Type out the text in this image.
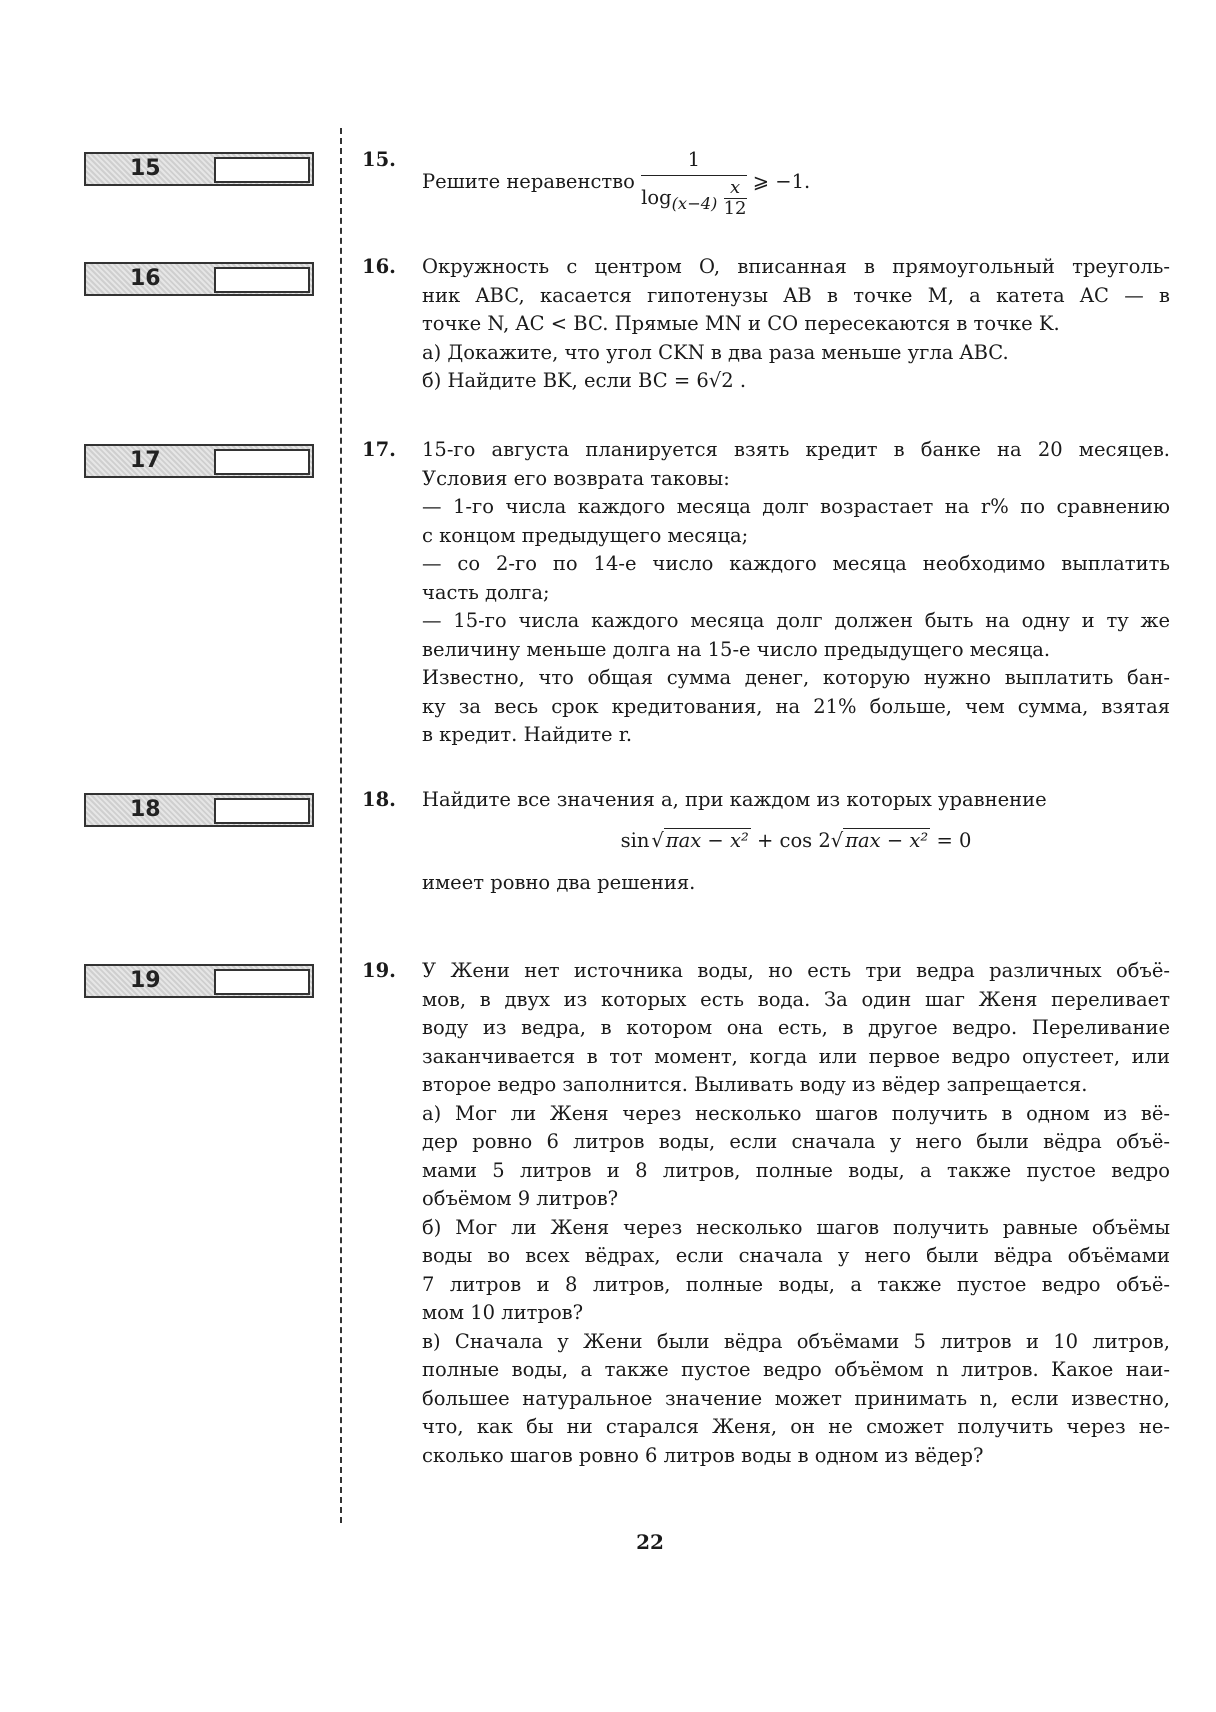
15
16
17
18
19
15.
Решите неравенство $\frac{1}{\log_{(x-4)} \frac{x}{12}}$ ⩾ −1.
16. Окружность с центром O, вписанная в прямоугольный треуголь-

ник ABC, касается гипотенузы AB в точке M, а катета AC — в

точке N, AC < BC. Прямые MN и CO пересекаются в точке K.

а) Докажите, что угол CKN в два раза меньше угла ABC.

б) Найдите BK, если BC = 6√2 .

17. 15-го августа планируется взять кредит в банке на 20 месяцев.

Условия его возврата таковы:

— 1-го числа каждого месяца долг возрастает на r% по сравнению

с концом предыдущего месяца;

— со 2-го по 14-е число каждого месяца необходимо выплатить

часть долга;

— 15-го числа каждого месяца долг должен быть на одну и ту же

величину меньше долга на 15-е число предыдущего месяца.

Известно, что общая сумма денег, которую нужно выплатить бан-

ку за весь срок кредитования, на 21% больше, чем сумма, взятая

в кредит. Найдите r.

18. Найдите все значения a, при каждом из которых уравнение

sin √ πax − x² + cos 2√ πax − x² = 0

имеет ровно два решения.

19. У Жени нет источника воды, но есть три ведра различных объё-

мов, в двух из которых есть вода. За один шаг Женя переливает

воду из ведра, в котором она есть, в другое ведро. Переливание

заканчивается в тот момент, когда или первое ведро опустеет, или

второе ведро заполнится. Выливать воду из вёдер запрещается.

а) Мог ли Женя через несколько шагов получить в одном из вё-

дер ровно 6 литров воды, если сначала у него были вёдра объё-

мами 5 литров и 8 литров, полные воды, а также пустое ведро

объёмом 9 литров?

б) Мог ли Женя через несколько шагов получить равные объёмы

воды во всех вёдрах, если сначала у него были вёдра объёмами

7 литров и 8 литров, полные воды, а также пустое ведро объё-

мом 10 литров?

в) Сначала у Жени были вёдра объёмами 5 литров и 10 литров,

полные воды, а также пустое ведро объёмом n литров. Какое наи-

большее натуральное значение может принимать n, если известно,

что, как бы ни старался Женя, он не сможет получить через не-

сколько шагов ровно 6 литров воды в одном из вёдер?

22
